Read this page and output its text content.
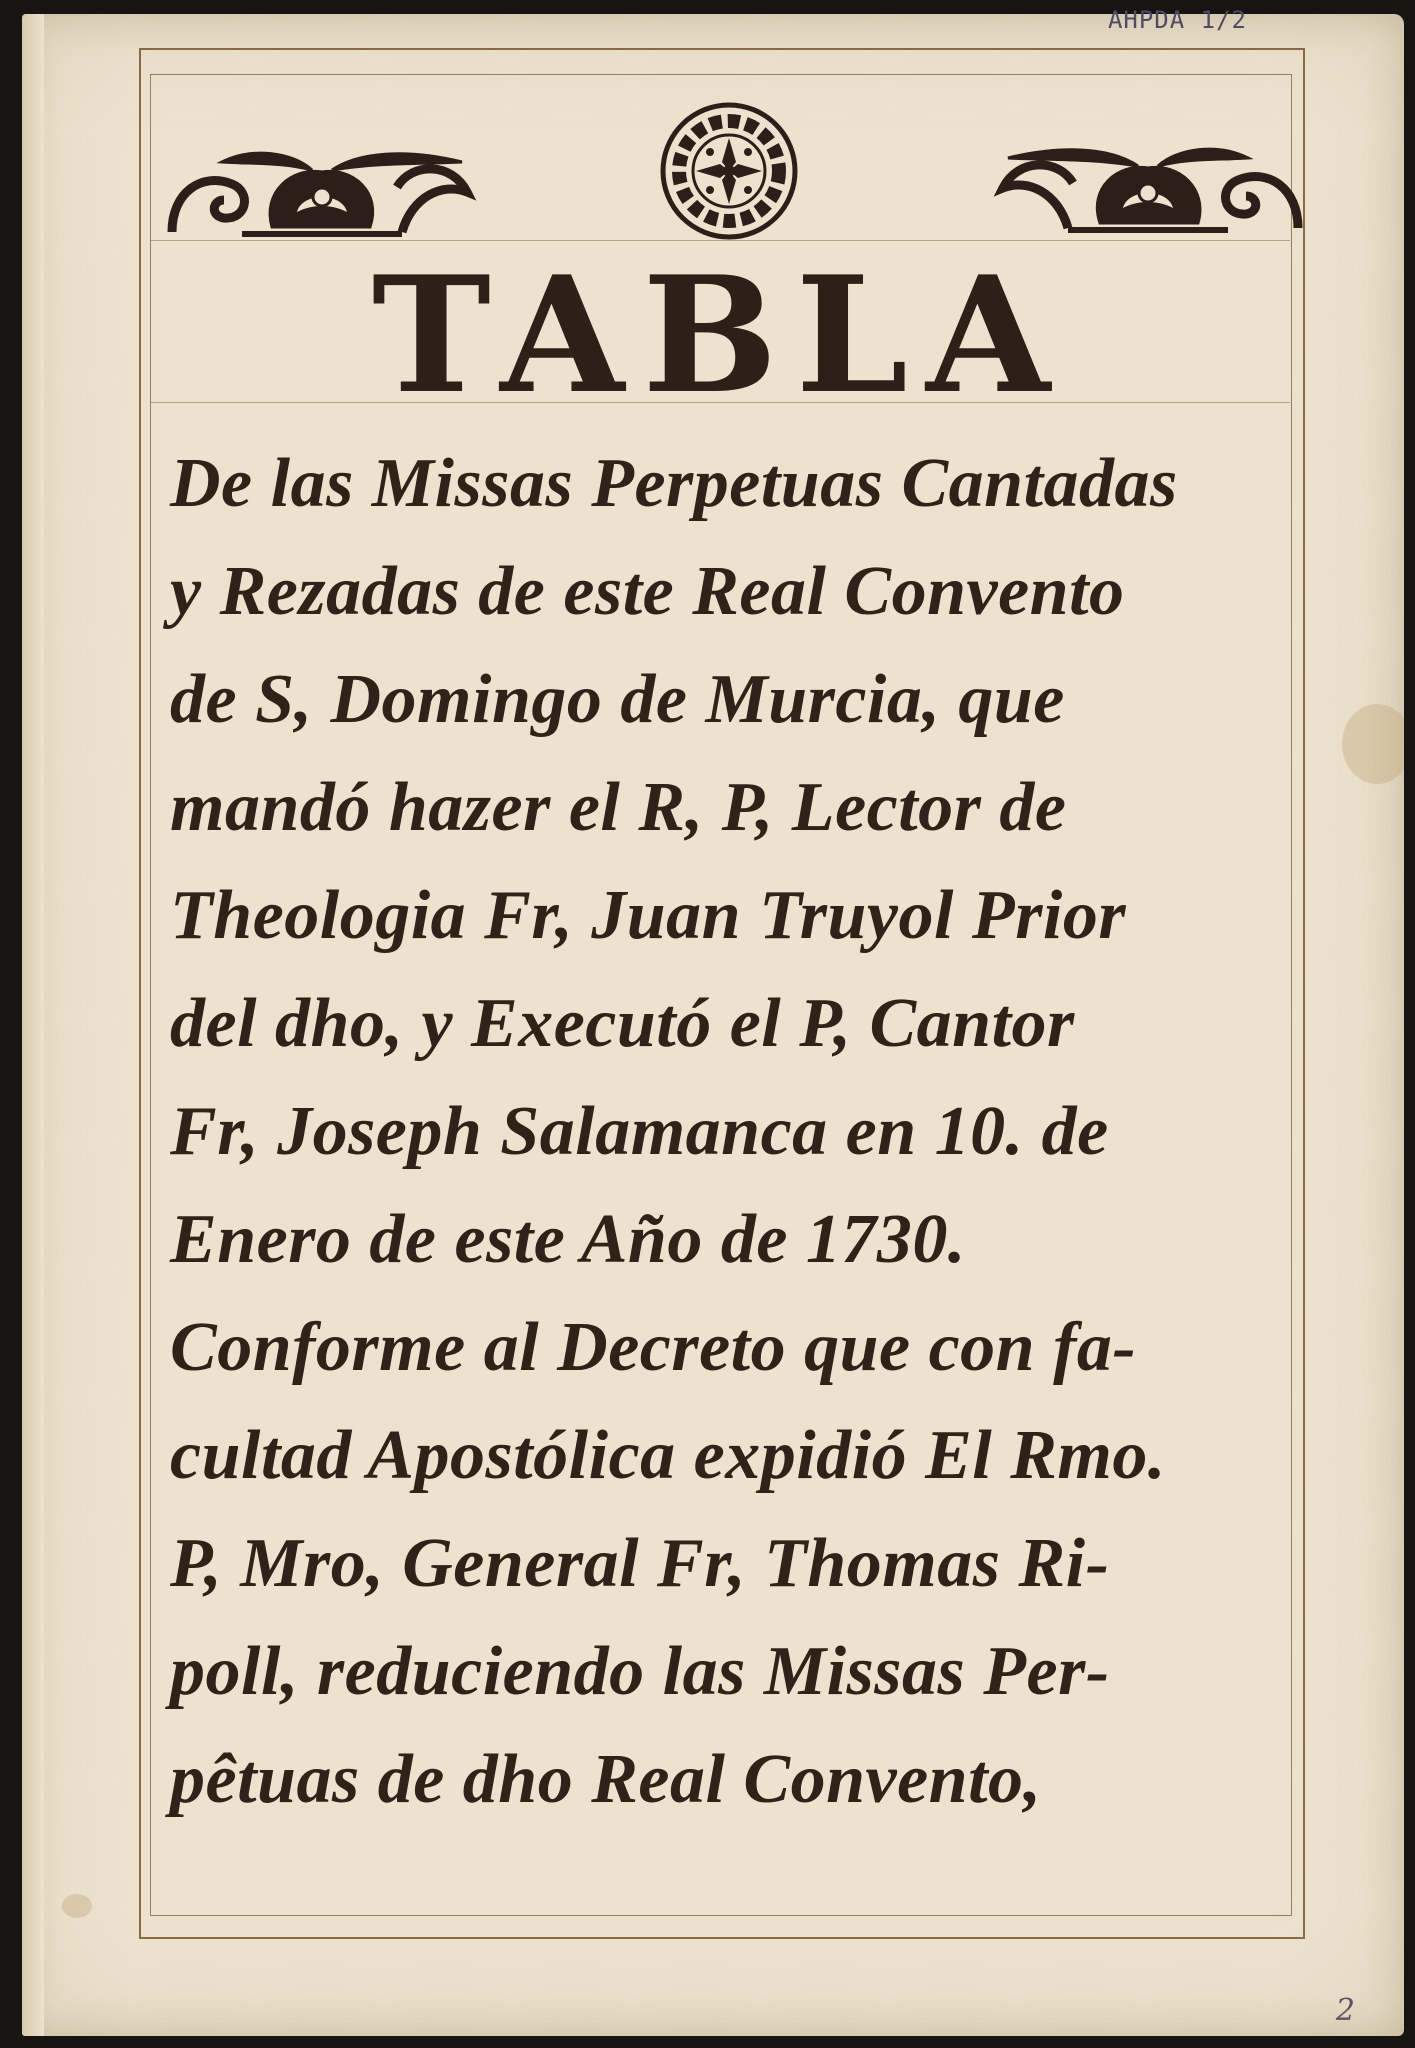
AHPDA 1/2
TABLA
De las Missas Perpetuas Cantadas
y Rezadas de este Real Convento
de S, Domingo de Murcia, que
mandó hazer el R, P, Lector de
Theologia Fr, Juan Truyol Prior
del dho, y Executó el P, Cantor
Fr, Joseph Salamanca en 10. de
Enero de este Año de 1730.
Conforme al Decreto que con fa-
cultad Apostólica expidió El Rmo.
P, Mro, General Fr, Thomas Ri-
poll, reduciendo las Missas Per-
pêtuas de dho Real Convento,
2
